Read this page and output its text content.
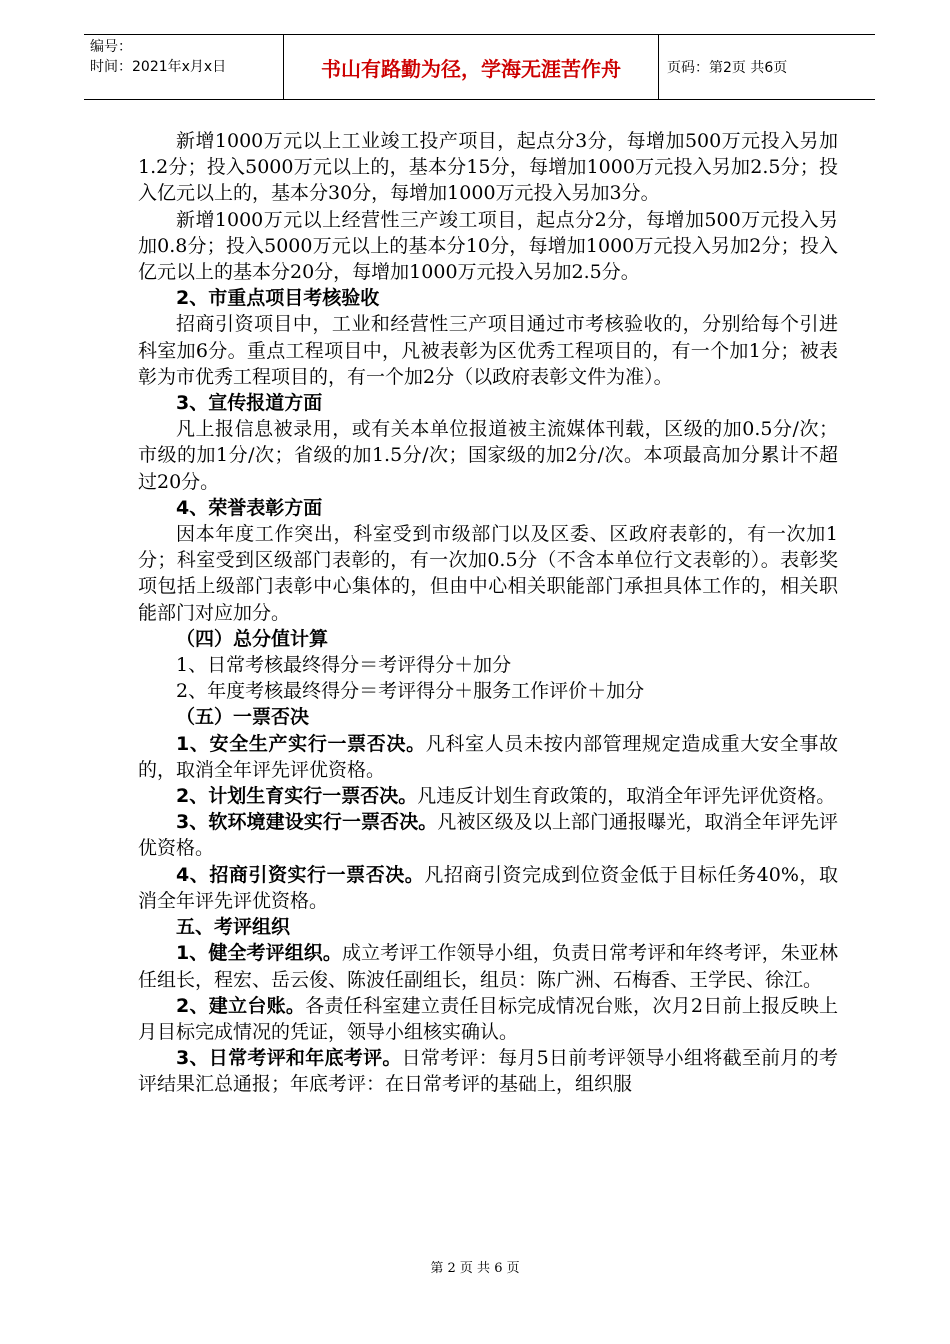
编号：
时间：2021年x月x日	书山有路勤为径，学海无涯苦作舟	页码：第2页 共6页

新增1000万元以上工业竣工投产项目，起点分3分，每增加500万元投入另加1.2分；投入5000万元以上的，基本分15分，每增加1000万元投入另加2.5分；投入亿元以上的，基本分30分，每增加1000万元投入另加3分。

新增1000万元以上经营性三产竣工项目，起点分2分，每增加500万元投入另加0.8分；投入5000万元以上的基本分10分，每增加1000万元投入另加2分；投入亿元以上的基本分20分，每增加1000万元投入另加2.5分。

2、市重点项目考核验收

招商引资项目中，工业和经营性三产项目通过市考核验收的，分别给每个引进科室加6分。重点工程项目中，凡被表彰为区优秀工程项目的，有一个加1分；被表彰为市优秀工程项目的，有一个加2分（以政府表彰文件为准）。

3、宣传报道方面

凡上报信息被录用，或有关本单位报道被主流媒体刊载，区级的加0.5分/次；市级的加1分/次；省级的加1.5分/次；国家级的加2分/次。本项最高加分累计不超过20分。

4、荣誉表彰方面

因本年度工作突出，科室受到市级部门以及区委、区政府表彰的，有一次加1分；科室受到区级部门表彰的，有一次加0.5分（不含本单位行文表彰的）。表彰奖项包括上级部门表彰中心集体的，但由中心相关职能部门承担具体工作的，相关职能部门对应加分。

（四）总分值计算

1、日常考核最终得分＝考评得分＋加分

2、年度考核最终得分＝考评得分＋服务工作评价＋加分

（五）一票否决

1、安全生产实行一票否决。凡科室人员未按内部管理规定造成重大安全事故的，取消全年评先评优资格。

2、计划生育实行一票否决。凡违反计划生育政策的，取消全年评先评优资格。

3、软环境建设实行一票否决。凡被区级及以上部门通报曝光，取消全年评先评优资格。

4、招商引资实行一票否决。凡招商引资完成到位资金低于目标任务40%，取消全年评先评优资格。

五、考评组织

1、健全考评组织。成立考评工作领导小组，负责日常考评和年终考评，朱亚林任组长，程宏、岳云俊、陈波任副组长，组员：陈广洲、石梅香、王学民、徐江。

2、建立台账。各责任科室建立责任目标完成情况台账，次月2日前上报反映上月目标完成情况的凭证，领导小组核实确认。

3、日常考评和年底考评。日常考评：每月5日前考评领导小组将截至前月的考评结果汇总通报；年底考评：在日常考评的基础上，组织服

第 2 页 共 6 页
